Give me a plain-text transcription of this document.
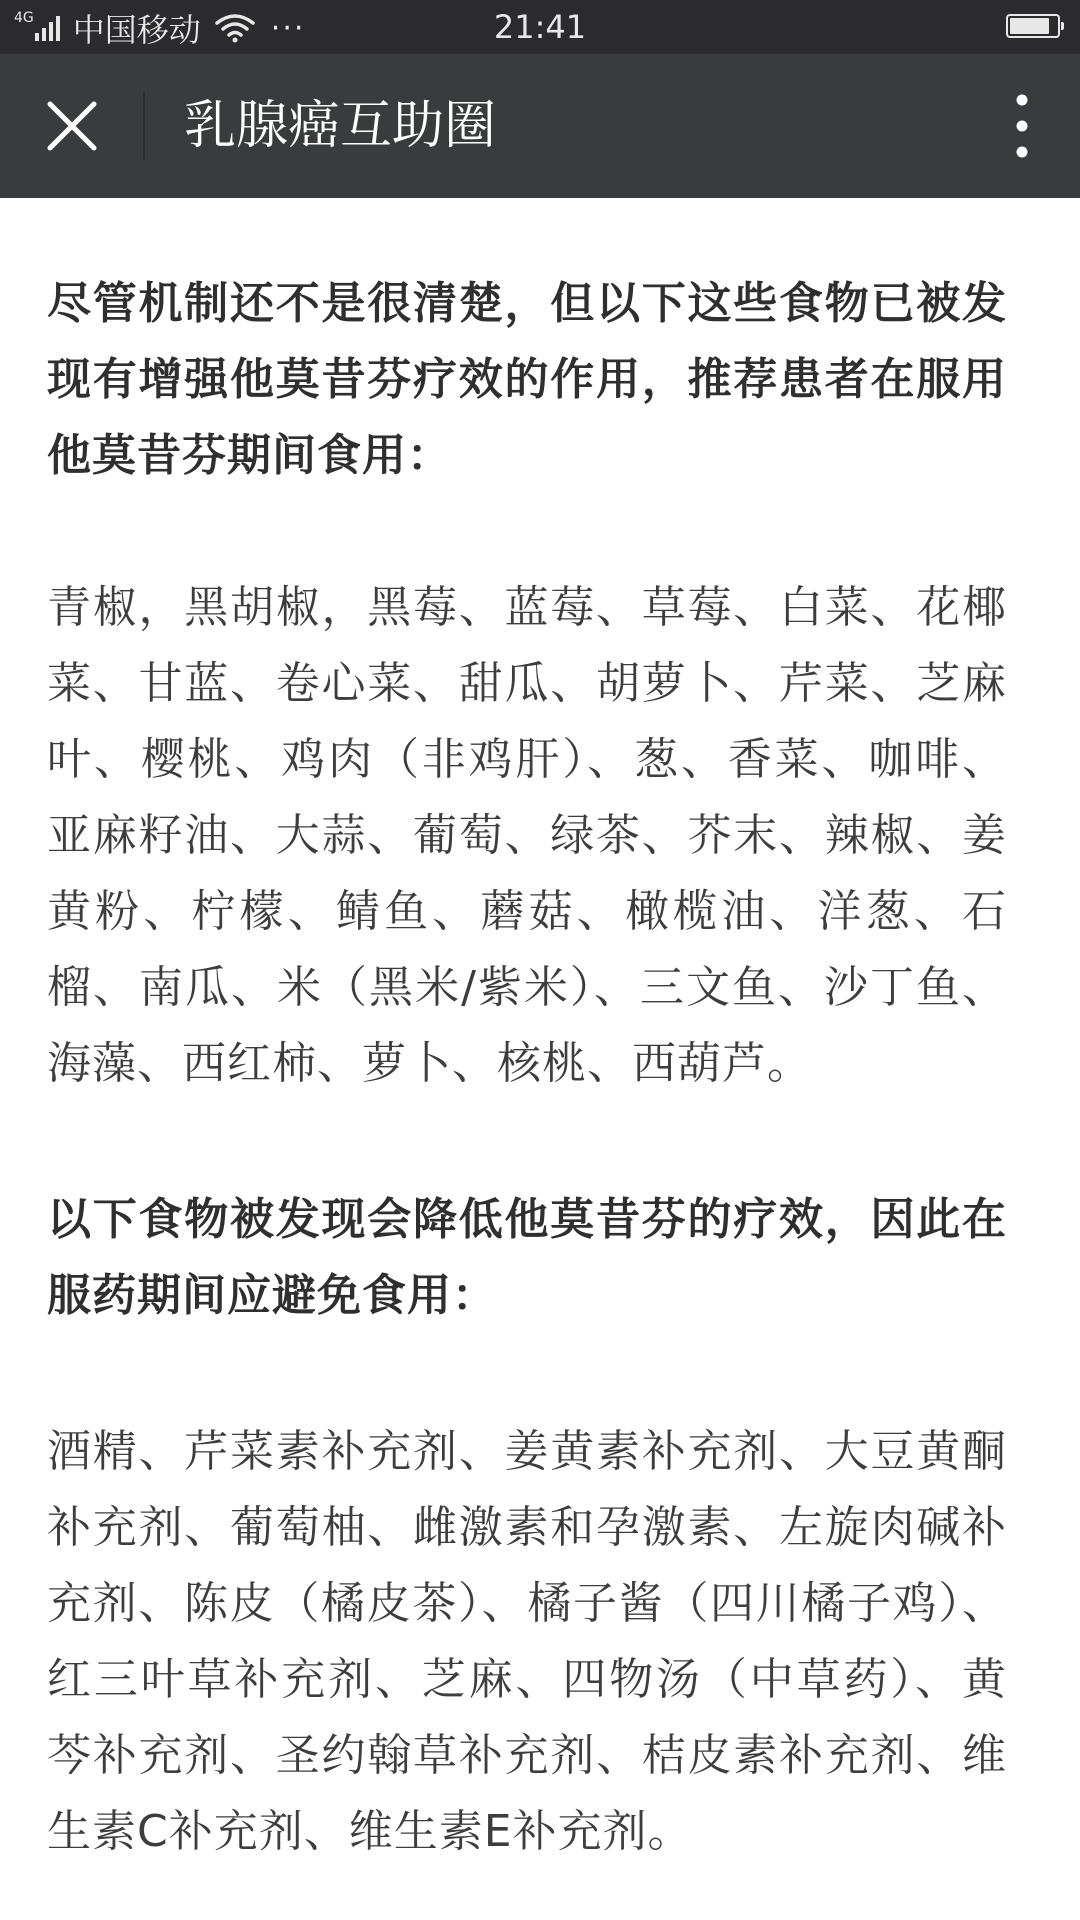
4G 中国移动 ···	21:41
乳腺癌互助圈

尽管机制还不是很清楚，但以下这些食物已被发现有增强他莫昔芬疗效的作用，推荐患者在服用他莫昔芬期间食用：

青椒，黑胡椒，黑莓、蓝莓、草莓、白菜、花椰菜、甘蓝、卷心菜、甜瓜、胡萝卜、芹菜、芝麻叶、樱桃、鸡肉（非鸡肝）、葱、香菜、咖啡、亚麻籽油、大蒜、葡萄、绿茶、芥末、辣椒、姜黄粉、柠檬、鲭鱼、蘑菇、橄榄油、洋葱、石榴、南瓜、米（黑米/紫米）、三文鱼、沙丁鱼、海藻、西红柿、萝卜、核桃、西葫芦。

以下食物被发现会降低他莫昔芬的疗效，因此在服药期间应避免食用：

酒精、芹菜素补充剂、姜黄素补充剂、大豆黄酮补充剂、葡萄柚、雌激素和孕激素、左旋肉碱补充剂、陈皮（橘皮茶）、橘子酱（四川橘子鸡）、红三叶草补充剂、芝麻、四物汤（中草药）、黄芩补充剂、圣约翰草补充剂、桔皮素补充剂、维生素C补充剂、维生素E补充剂。
